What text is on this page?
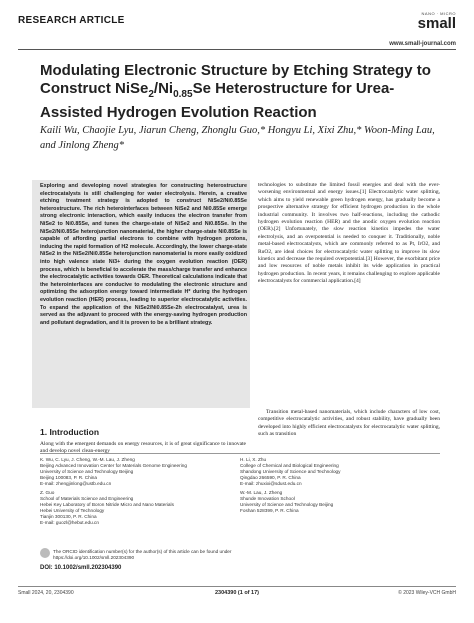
RESEARCH ARTICLE
NANO · MICRO
small
www.small-journal.com
Modulating Electronic Structure by Etching Strategy to Construct $NiSe_2/Ni_{0.85}Se$ Heterostructure for Urea-Assisted Hydrogen Evolution Reaction
Kaili Wu, Chaojie Lyu, Jiarun Cheng, Zhonglu Guo,* Hongyu Li, Xixi Zhu,* Woon-Ming Lau, and Jinlong Zheng*

Exploring and developing novel strategies for constructing heterostructure electrocatalysts is still challenging for water electrolysis. Herein, a creative etching treatment strategy is adopted to construct NiSe2/Ni0.85Se heterostructure. The rich heterointerfaces between NiSe2 and Ni0.85Se emerge strong electronic interaction, which easily induces the electron transfer from NiSe2 to Ni0.85Se, and tunes the charge-state of NiSe2 and Ni0.85Se. In the NiSe2/Ni0.85Se heterojunction nanomaterial, the higher charge-state Ni0.85Se is capable of affording partial electrons to combine with hydrogen protons, inducing the rapid formation of H2 molecule. Accordingly, the lower charge-state NiSe2 in the NiSe2/Ni0.85Se heterojunction nanomaterial is more easily oxidized into high valence state Ni3+ during the oxygen evolution reaction (OER) process, which is beneficial to accelerate the mass/charge transfer and enhance the electrocatalytic activities towards OER. Theoretical calculations indicate that the heterointerfaces are conducive to modulating the electronic structure and optimizing the adsorption energy toward intermediate H* during the hydrogen evolution reaction (HER) process, leading to superior electrocatalytic activities. To expand the application of the NiSe2/Ni0.85Se-2h electrocatalyst, urea is served as the adjuvant to proceed with the energy-saving hydrogen production and pollutant degradation, and it is proven to be a brilliant strategy.

technologies to substitute the limited fossil energies and deal with the ever-worsening environmental and energy issues.[1] Electrocatalytic water splitting, which aims to yield renewable green hydrogen energy, has gradually become a prospective alternative strategy for efficient hydrogen production in the whole industrial community. It involves two half-reactions, including the cathodic hydrogen evolution reaction (HER) and the anodic oxygen evolution reaction (OER).[2] Unfortunately, the slow reaction kinetics impedes the water electrolysis, and an overpotential is needed to conquer it. Traditionally, noble metal-based electrocatalysts, which are commonly referred to as Pt, IrO2, and RuO2, are ideal choices for electrocatalytic water splitting to improve its slow kinetics and decrease the required overpotential.[3] However, the exorbitant price and low resources of noble metals inhibit its wide application in practical hydrogen production. In recent years, it remains challenging to explore applicable electrocatalysts for commercial application.[4]

Transition metal-based nanomaterials, which include characters of low cost, competitive electrocatalytic activities, and robust stability, have gradually been developed into highly efficient electrocatalysts for electrocatalytic water splitting, such as transition

1. Introduction

Along with the emergent demands on energy resources, it is of great significance to innovate and develop novel clean-energy

K. Wu, C. Lyu, J. Cheng, W.-M. Lau, J. Zheng
Beijing Advanced Innovation Center for Materials Genome Engineering
University of Science and Technology Beijing
Beijing 100083, P. R. China
E-mail: zhengjinlong@ustb.edu.cn
Z. Guo
School of Materials Science and Engineering
Hebei Key Laboratory of Boron Nitride Micro and Nano Materials
Hebei University of Technology
Tianjin 300130, P. R. China
E-mail: guozl@hebut.edu.cn
H. Li, X. Zhu
College of Chemical and Biological Engineering
Shandong University of Science and Technology
Qingdao 266590, P. R. China
E-mail: zhuxixi@sdust.edu.cn
W.-M. Lau, J. Zheng
Shunde Innovation School
University of Science and Technology Beijing
Foshan 528399, P. R. China

The ORCID identification number(s) for the author(s) of this article can be found under https://doi.org/10.1002/smll.202304390

DOI: 10.1002/smll.202304390

Small 2024, 20, 2304390	2304390 (1 of 17)	© 2023 Wiley-VCH GmbH
